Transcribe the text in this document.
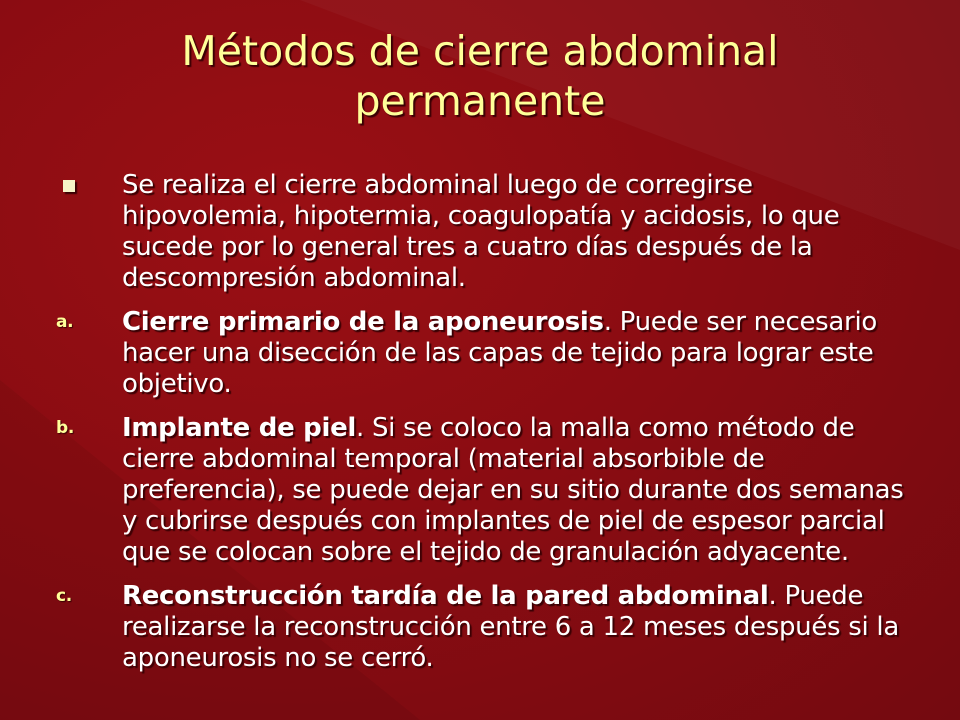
Métodos de cierre abdominal
permanente
Se realiza el cierre abdominal luego de corregirse hipovolemia, hipotermia, coagulopatía y acidosis, lo que sucede por lo general tres a cuatro días después de la descompresión abdominal.
a. Cierre primario de la aponeurosis. Puede ser necesario hacer una disección de las capas de tejido para lograr este objetivo.
b. Implante de piel. Si se coloco la malla como método de cierre abdominal temporal (material absorbible de preferencia), se puede dejar en su sitio durante dos semanas y cubrirse después con implantes de piel de espesor parcial que se colocan sobre el tejido de granulación adyacente.
c. Reconstrucción tardía de la pared abdominal. Puede realizarse la reconstrucción entre 6 a 12 meses después si la aponeurosis no se cerró.
